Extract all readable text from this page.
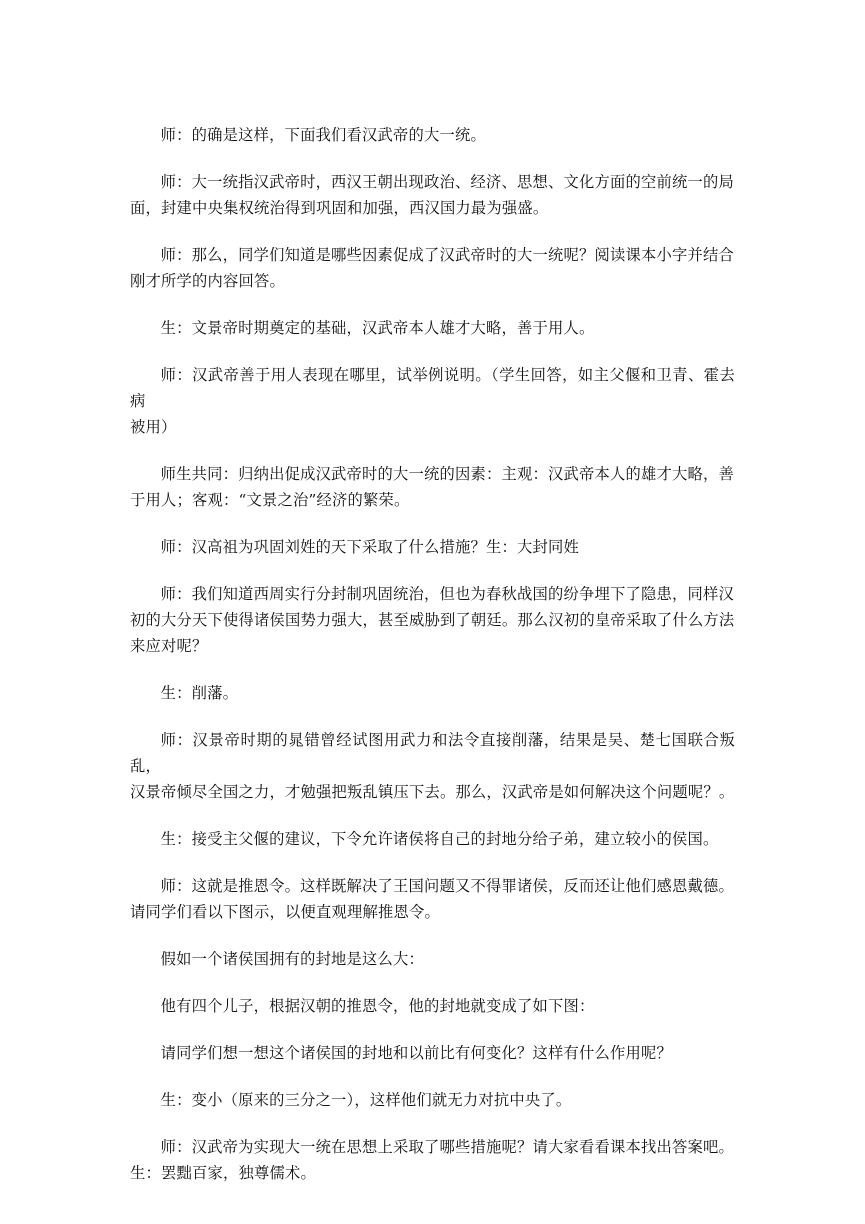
师：的确是这样，下面我们看汉武帝的大一统。

师：大一统指汉武帝时，西汉王朝出现政治、经济、思想、文化方面的空前统一的局
面，封建中央集权统治得到巩固和加强，西汉国力最为强盛。

师：那么，同学们知道是哪些因素促成了汉武帝时的大一统呢？阅读课本小字并结合
刚才所学的内容回答。

生：文景帝时期奠定的基础，汉武帝本人雄才大略，善于用人。

师：汉武帝善于用人表现在哪里，试举例说明。（学生回答，如主父偃和卫青、霍去病
被用）

师生共同：归纳出促成汉武帝时的大一统的因素：主观：汉武帝本人的雄才大略，善
于用人；客观：“文景之治”经济的繁荣。

师：汉高祖为巩固刘姓的天下采取了什么措施？生：大封同姓

师：我们知道西周实行分封制巩固统治，但也为春秋战国的纷争埋下了隐患，同样汉
初的大分天下使得诸侯国势力强大，甚至威胁到了朝廷。那么汉初的皇帝采取了什么方法
来应对呢？

生：削藩。

师：汉景帝时期的晁错曾经试图用武力和法令直接削藩，结果是吴、楚七国联合叛乱，
汉景帝倾尽全国之力，才勉强把叛乱镇压下去。那么，汉武帝是如何解决这个问题呢？。

生：接受主父偃的建议，下令允许诸侯将自己的封地分给子弟，建立较小的侯国。

师：这就是推恩令。这样既解决了王国问题又不得罪诸侯，反而还让他们感恩戴德。
请同学们看以下图示，以便直观理解推恩令。

假如一个诸侯国拥有的封地是这么大：

他有四个儿子，根据汉朝的推恩令，他的封地就变成了如下图：

请同学们想一想这个诸侯国的封地和以前比有何变化？这样有什么作用呢？

生：变小（原来的三分之一），这样他们就无力对抗中央了。

师：汉武帝为实现大一统在思想上采取了哪些措施呢？请大家看看课本找出答案吧。
生：罢黜百家，独尊儒术。
